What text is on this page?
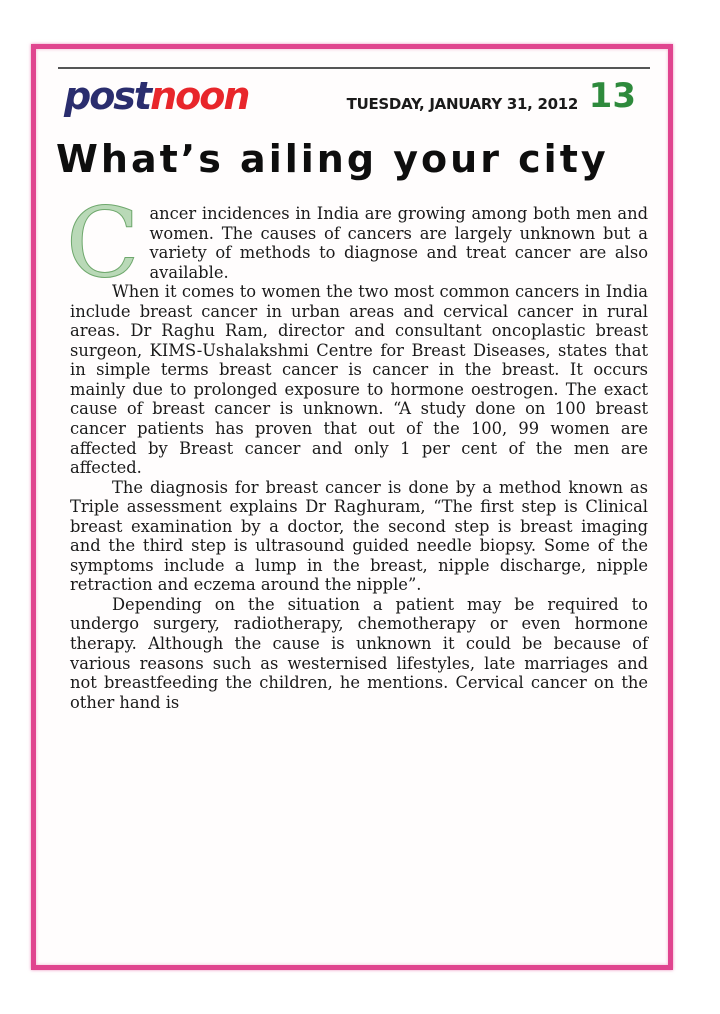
postnoon	TUESDAY, JANUARY 31, 2012 13
What’s ailing your city

Cancer incidences in India are growing among both men and women. The causes of cancers are largely unknown but a variety of methods to diagnose and treat cancer are also available.

When it comes to women the two most common cancers in India include breast cancer in urban areas and cervical cancer in rural areas. Dr Raghu Ram, director and consultant oncoplastic breast surgeon, KIMS-Ushalakshmi Centre for Breast Diseases, states that in simple terms breast cancer is cancer in the breast. It occurs mainly due to prolonged exposure to hormone oestrogen. The exact cause of breast cancer is unknown. “A study done on 100 breast cancer patients has proven that out of the 100, 99 women are affected by Breast cancer and only 1 per cent of the men are affected.

The diagnosis for breast cancer is done by a method known as Triple assessment explains Dr Raghuram, “The first step is Clinical breast examination by a doctor, the second step is breast imaging and the third step is ultrasound guided needle biopsy. Some of the symptoms include a lump in the breast, nipple discharge, nipple retraction and eczema around the nipple”.

Depending on the situation a patient may be required to undergo surgery, radiotherapy, chemotherapy or even hormone therapy. Although the cause is unknown it could be because of various reasons such as westernised lifestyles, late marriages and not breastfeeding the children, he mentions. Cervical cancer on the other hand is
